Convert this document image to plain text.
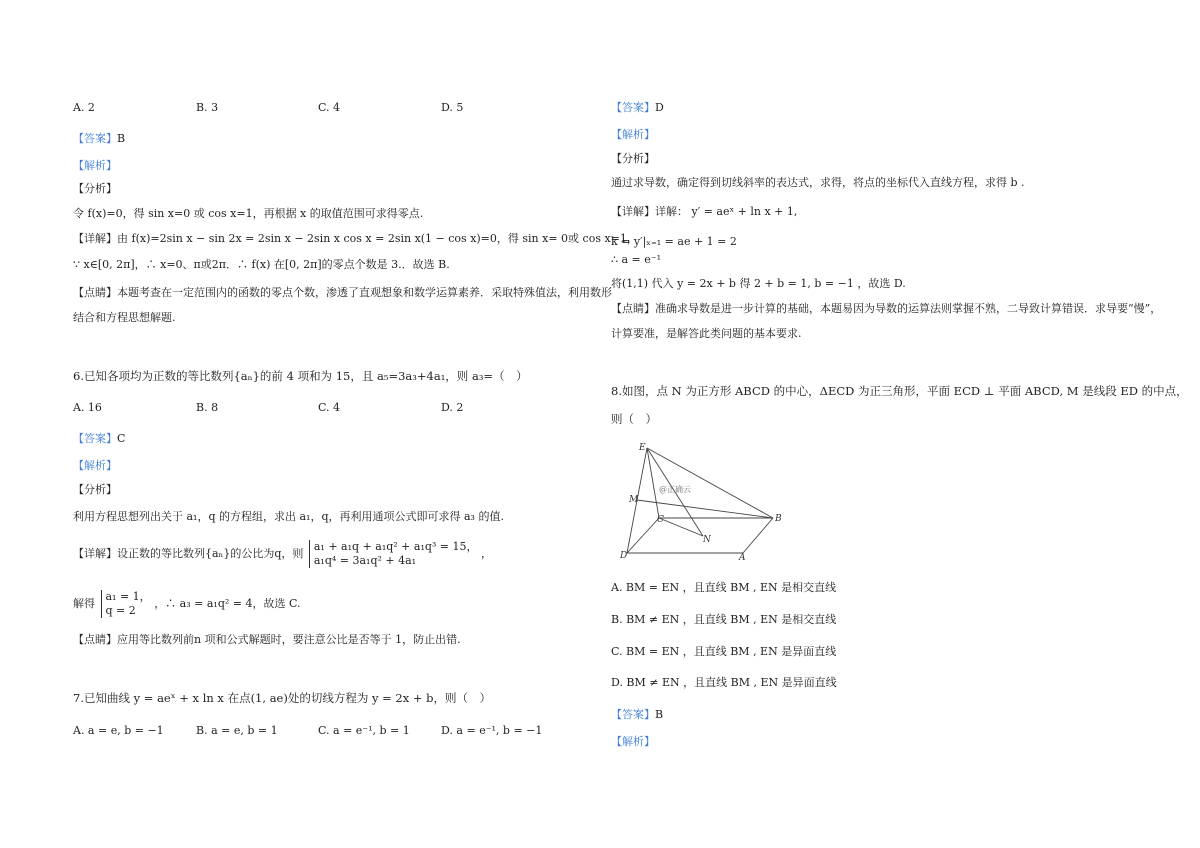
A. 2	B. 3	C. 4	D. 5
【答案】B
【解析】
【分析】
令 f(x)=0，得 sin x=0 或 cos x=1，再根据 x 的取值范围可求得零点.
【详解】由 f(x)=2sin x − sin 2x = 2sin x − 2sin x cos x = 2sin x(1 − cos x)=0，得 sin x= 0或 cos x=1，
∵ x∈[0, 2π]，∴ x=0、π或2π．∴ f(x) 在[0, 2π]的零点个数是 3.．故选 B.
【点睛】本题考查在一定范围内的函数的零点个数，渗透了直观想象和数学运算素养．采取特殊值法，利用数形
结合和方程思想解题.
6.已知各项均为正数的等比数列{aₙ}的前 4 项和为 15，且 a₅=3a₃+4a₁，则 a₃=（　）
A. 16	B. 8	C. 4	D. 2
【答案】C
【解析】
【分析】
利用方程思想列出关于 a₁，q 的方程组，求出 a₁，q，再利用通项公式即可求得 a₃ 的值.
【详解】设正数的等比数列{aₙ}的公比为q，则
a₁ + a₁q + a₁q² + a₁q³ = 15，
a₁q⁴ = 3a₁q² + 4a₁
，
解得
a₁ = 1，
q = 2
，∴ a₃ = a₁q² = 4，故选 C.
【点睛】应用等比数列前n 项和公式解题时，要注意公比是否等于 1，防止出错.
7.已知曲线 y = aeˣ + x ln x 在点(1, ae)处的切线方程为 y = 2x + b，则（　）
A. a = e, b = −1	B. a = e, b = 1	C. a = e⁻¹, b = 1	D. a = e⁻¹, b = −1
【答案】D
【解析】
【分析】
通过求导数，确定得到切线斜率的表达式，求得，将点的坐标代入直线方程，求得 b .
【详解】详解： y′ = aeˣ + ln x + 1,
k = y′|ₓ₌₁ = ae + 1 = 2
∴ a = e⁻¹
将(1,1) 代入 y = 2x + b 得 2 + b = 1, b = −1 ，故选 D.
【点睛】准确求导数是进一步计算的基础，本题易因为导数的运算法则掌握不熟，二导致计算错误．求导要“慢”，
计算要准，是解答此类问题的基本要求.
8.如图，点 N 为正方形 ABCD 的中心，ΔECD 为正三角形，平面 ECD ⊥ 平面 ABCD, M 是线段 ED 的中点，
则（　）
E
M
C	B
N
D	A
@正确云
A. BM = EN ，且直线 BM , EN 是相交直线
B. BM ≠ EN ，且直线 BM , EN 是相交直线
C. BM = EN ，且直线 BM , EN 是异面直线
D. BM ≠ EN ，且直线 BM , EN 是异面直线
【答案】B
【解析】
